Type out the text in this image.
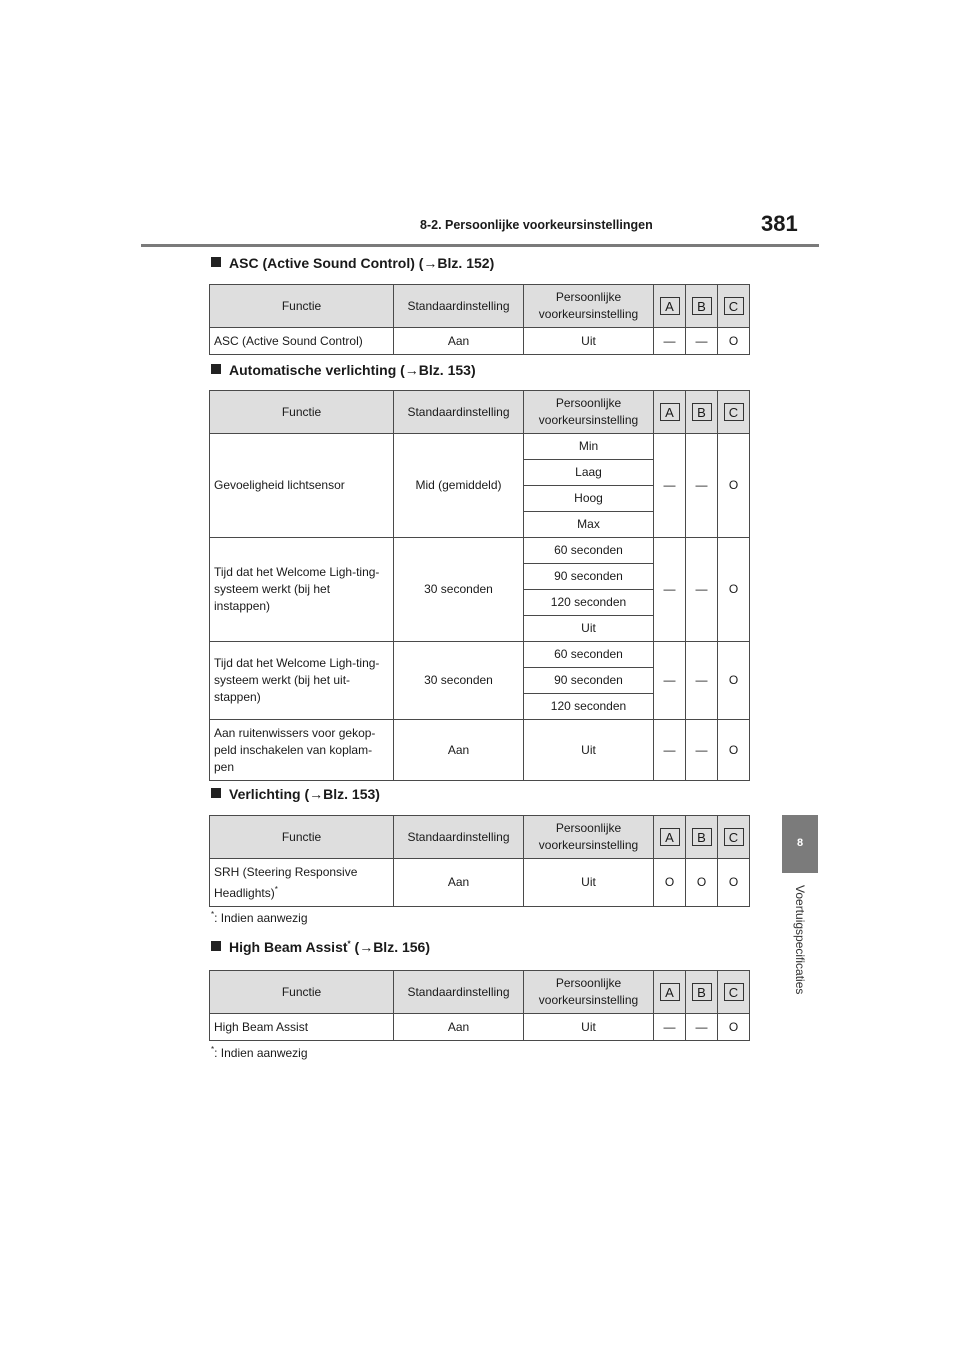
8-2. Persoonlijke voorkeursinstellingen	381
8
Voertuigspecificaties
ASC (Active Sound Control) (→Blz. 152)
Functie	Standaardinstelling	Persoonlijke voorkeursinstelling	A	B	C
ASC (Active Sound Control)	Aan	Uit	—	—	O
Automatische verlichting (→Blz. 153)
Functie	Standaardinstelling	Persoonlijke voorkeursinstelling	A	B	C
Gevoeligheid lichtsensor	Mid (gemiddeld)	Min	—	—	O
		Laag			
		Hoog			
		Max			
Tijd dat het Welcome Ligh-ting-systeem werkt (bij het instappen)	30 seconden	60 seconden	—	—	O
		90 seconden			
		120 seconden			
		Uit			
Tijd dat het Welcome Ligh-ting-systeem werkt (bij het uit-stappen)	30 seconden	60 seconden	—	—	O
		90 seconden			
		120 seconden			
Aan ruitenwissers voor gekop-peld inschakelen van koplam-pen	Aan	Uit	—	—	O
Verlichting (→Blz. 153)
Functie	Standaardinstelling	Persoonlijke voorkeursinstelling	A	B	C
SRH (Steering Responsive Headlights)*	Aan	Uit	O	O	O
*: Indien aanwezig
High Beam Assist* (→Blz. 156)
Functie	Standaardinstelling	Persoonlijke voorkeursinstelling	A	B	C
High Beam Assist	Aan	Uit	—	—	O
*: Indien aanwezig
